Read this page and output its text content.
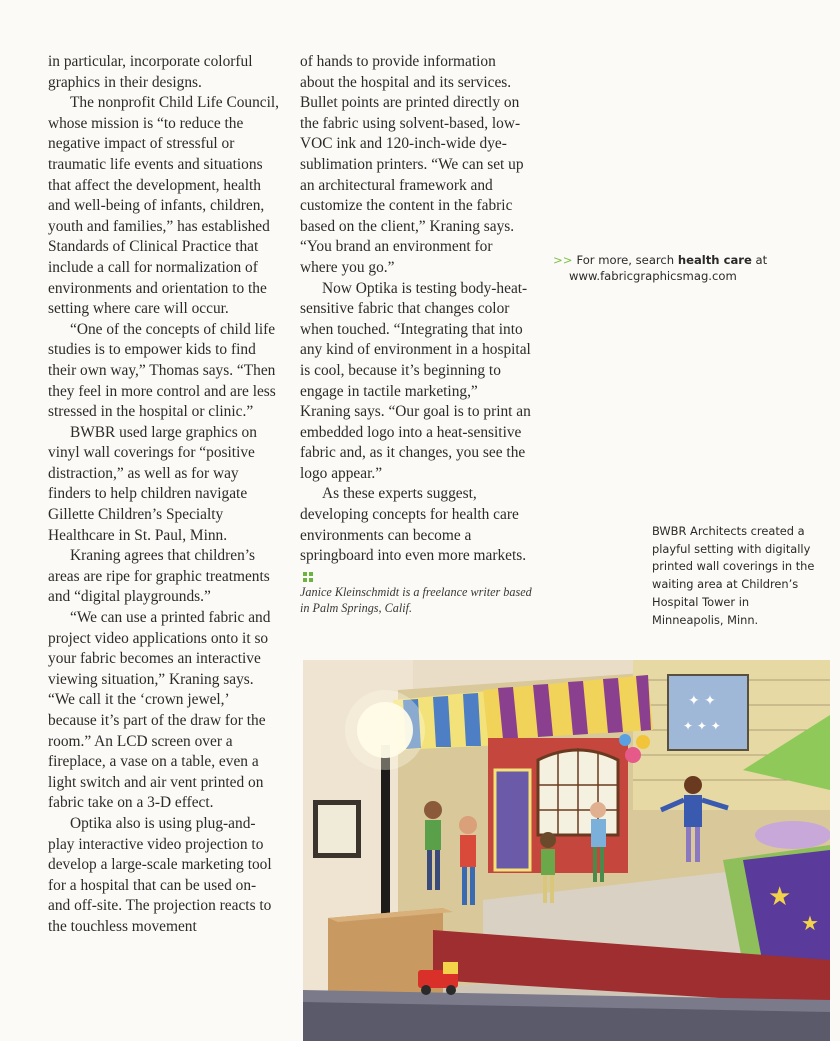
in particular, incorporate colorful graphics in their designs.

The nonprofit Child Life Council, whose mission is “to reduce the negative impact of stressful or traumatic life events and situations that affect the development, health and well-being of infants, children, youth and families,” has established Standards of Clinical Practice that include a call for normalization of environments and orientation to the setting where care will occur.

“One of the concepts of child life studies is to empower kids to find their own way,” Thomas says. “Then they feel in more control and are less stressed in the hospital or clinic.”

BWBR used large graphics on vinyl wall coverings for “positive distraction,” as well as for way finders to help children navigate Gillette Children’s Specialty Healthcare in St. Paul, Minn.

Kraning agrees that children’s areas are ripe for graphic treatments and “digital playgrounds.”

“We can use a printed fabric and project video applications onto it so your fabric becomes an interactive viewing situation,” Kraning says. “We call it the ‘crown jewel,’ because it’s part of the draw for the room.” An LCD screen over a fireplace, a vase on a table, even a light switch and air vent printed on fabric take on a 3-D effect.

Optika also is using plug-and-play interactive video projection to develop a large-scale marketing tool for a hospital that can be used on- and off-site. The projection reacts to the touchless movement

of hands to provide information about the hospital and its services. Bullet points are printed directly on the fabric using solvent-based, low-VOC ink and 120-inch-wide dye-sublimation printers. “We can set up an architectural framework and customize the content in the fabric based on the client,” Kraning says. “You brand an environment for where you go.”

Now Optika is testing body-heat-sensitive fabric that changes color when touched. “Integrating that into any kind of environment in a hospital is cool, because it’s beginning to engage in tactile marketing,” Kraning says. “Our goal is to print an embedded logo into a heat-sensitive fabric and, as it changes, you see the logo appear.”

As these experts suggest, developing concepts for health care environments can become a springboard into even more markets.

Janice Kleinschmidt is a freelance writer based in Palm Springs, Calif.
>> For more, search health care at
www.fabricgraphicsmag.com
BWBR Architects created a playful setting with digitally printed wall coverings in the waiting area at Children’s Hospital Tower in Minneapolis, Minn.
✦ ✦
✦ ✦ ✦
★
★
